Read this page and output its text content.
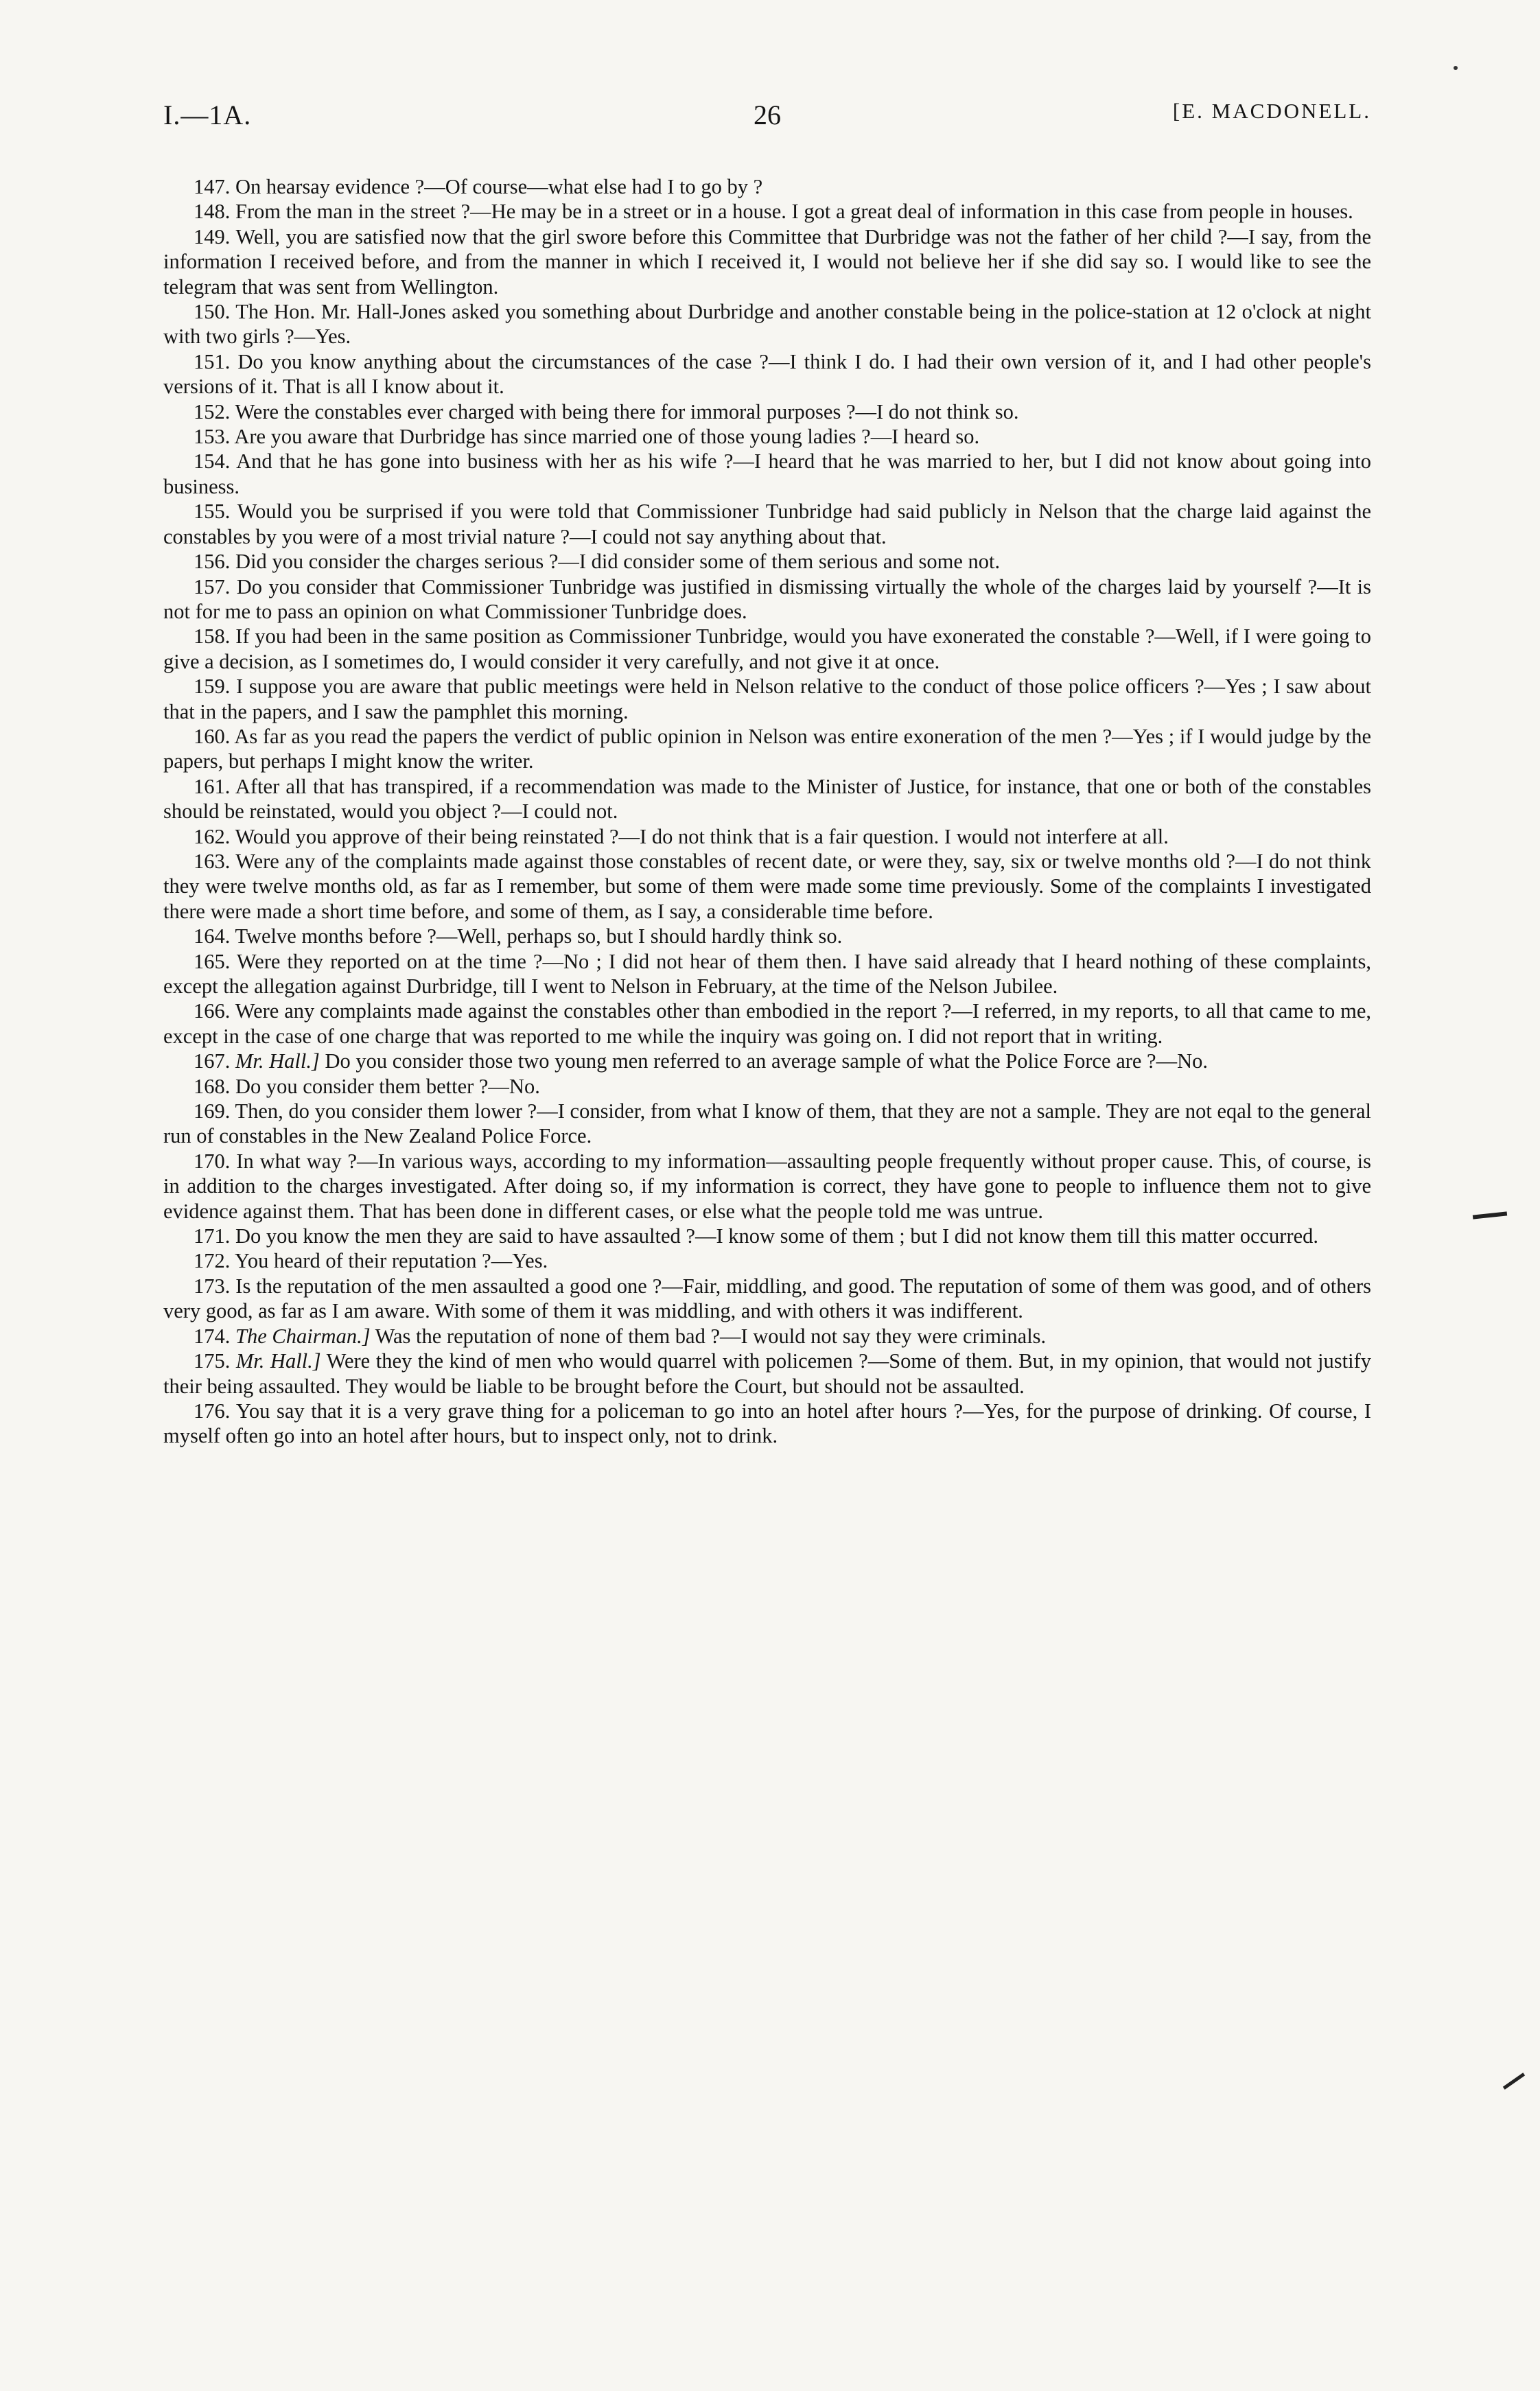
I.—1A.	26	[E. MACDONELL.

147. On hearsay evidence ?—Of course—what else had I to go by ?

148. From the man in the street ?—He may be in a street or in a house. I got a great deal of information in this case from people in houses.

149. Well, you are satisfied now that the girl swore before this Committee that Durbridge was not the father of her child ?—I say, from the information I received before, and from the manner in which I received it, I would not believe her if she did say so. I would like to see the telegram that was sent from Wellington.

150. The Hon. Mr. Hall-Jones asked you something about Durbridge and another constable being in the police-station at 12 o'clock at night with two girls ?—Yes.

151. Do you know anything about the circumstances of the case ?—I think I do. I had their own version of it, and I had other people's versions of it. That is all I know about it.

152. Were the constables ever charged with being there for immoral purposes ?—I do not think so.

153. Are you aware that Durbridge has since married one of those young ladies ?—I heard so.

154. And that he has gone into business with her as his wife ?—I heard that he was married to her, but I did not know about going into business.

155. Would you be surprised if you were told that Commissioner Tunbridge had said publicly in Nelson that the charge laid against the constables by you were of a most trivial nature ?—I could not say anything about that.

156. Did you consider the charges serious ?—I did consider some of them serious and some not.

157. Do you consider that Commissioner Tunbridge was justified in dismissing virtually the whole of the charges laid by yourself ?—It is not for me to pass an opinion on what Commissioner Tunbridge does.

158. If you had been in the same position as Commissioner Tunbridge, would you have exonerated the constable ?—Well, if I were going to give a decision, as I sometimes do, I would consider it very carefully, and not give it at once.

159. I suppose you are aware that public meetings were held in Nelson relative to the conduct of those police officers ?—Yes ; I saw about that in the papers, and I saw the pamphlet this morning.

160. As far as you read the papers the verdict of public opinion in Nelson was entire exoneration of the men ?—Yes ; if I would judge by the papers, but perhaps I might know the writer.

161. After all that has transpired, if a recommendation was made to the Minister of Justice, for instance, that one or both of the constables should be reinstated, would you object ?—I could not.

162. Would you approve of their being reinstated ?—I do not think that is a fair question. I would not interfere at all.

163. Were any of the complaints made against those constables of recent date, or were they, say, six or twelve months old ?—I do not think they were twelve months old, as far as I remember, but some of them were made some time previously. Some of the complaints I investigated there were made a short time before, and some of them, as I say, a considerable time before.

164. Twelve months before ?—Well, perhaps so, but I should hardly think so.

165. Were they reported on at the time ?—No ; I did not hear of them then. I have said already that I heard nothing of these complaints, except the allegation against Durbridge, till I went to Nelson in February, at the time of the Nelson Jubilee.

166. Were any complaints made against the constables other than embodied in the report ?—I referred, in my reports, to all that came to me, except in the case of one charge that was reported to me while the inquiry was going on. I did not report that in writing.

167. Mr. Hall.] Do you consider those two young men referred to an average sample of what the Police Force are ?—No.

168. Do you consider them better ?—No.

169. Then, do you consider them lower ?—I consider, from what I know of them, that they are not a sample. They are not eqal to the general run of constables in the New Zealand Police Force.

170. In what way ?—In various ways, according to my information—assaulting people frequently without proper cause. This, of course, is in addition to the charges investigated. After doing so, if my information is correct, they have gone to people to influence them not to give evidence against them. That has been done in different cases, or else what the people told me was untrue.

171. Do you know the men they are said to have assaulted ?—I know some of them ; but I did not know them till this matter occurred.

172. You heard of their reputation ?—Yes.

173. Is the reputation of the men assaulted a good one ?—Fair, middling, and good. The reputation of some of them was good, and of others very good, as far as I am aware. With some of them it was middling, and with others it was indifferent.

174. The Chairman.] Was the reputation of none of them bad ?—I would not say they were criminals.

175. Mr. Hall.] Were they the kind of men who would quarrel with policemen ?—Some of them. But, in my opinion, that would not justify their being assaulted. They would be liable to be brought before the Court, but should not be assaulted.

176. You say that it is a very grave thing for a policeman to go into an hotel after hours ?—Yes, for the purpose of drinking. Of course, I myself often go into an hotel after hours, but to inspect only, not to drink.
